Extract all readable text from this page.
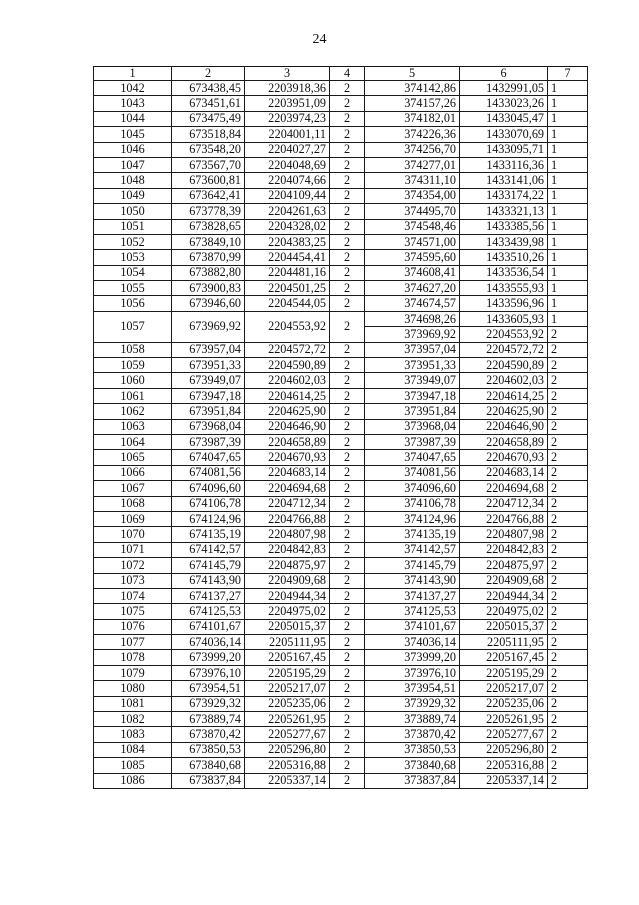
24
1	2	3	4	5	6	7
1042	673438,45	2203918,36	2	374142,86	1432991,05	1
1043	673451,61	2203951,09	2	374157,26	1433023,26	1
1044	673475,49	2203974,23	2	374182,01	1433045,47	1
1045	673518,84	2204001,11	2	374226,36	1433070,69	1
1046	673548,20	2204027,27	2	374256,70	1433095,71	1
1047	673567,70	2204048,69	2	374277,01	1433116,36	1
1048	673600,81	2204074,66	2	374311,10	1433141,06	1
1049	673642,41	2204109,44	2	374354,00	1433174,22	1
1050	673778,39	2204261,63	2	374495,70	1433321,13	1
1051	673828,65	2204328,02	2	374548,46	1433385,56	1
1052	673849,10	2204383,25	2	374571,00	1433439,98	1
1053	673870,99	2204454,41	2	374595,60	1433510,26	1
1054	673882,80	2204481,16	2	374608,41	1433536,54	1
1055	673900,83	2204501,25	2	374627,20	1433555,93	1
1056	673946,60	2204544,05	2	374674,57	1433596,96	1
1057	673969,92	2204553,92	2	374698,26	1433605,93	1
				373969,92	2204553,92	2
1058	673957,04	2204572,72	2	373957,04	2204572,72	2
1059	673951,33	2204590,89	2	373951,33	2204590,89	2
1060	673949,07	2204602,03	2	373949,07	2204602,03	2
1061	673947,18	2204614,25	2	373947,18	2204614,25	2
1062	673951,84	2204625,90	2	373951,84	2204625,90	2
1063	673968,04	2204646,90	2	373968,04	2204646,90	2
1064	673987,39	2204658,89	2	373987,39	2204658,89	2
1065	674047,65	2204670,93	2	374047,65	2204670,93	2
1066	674081,56	2204683,14	2	374081,56	2204683,14	2
1067	674096,60	2204694,68	2	374096,60	2204694,68	2
1068	674106,78	2204712,34	2	374106,78	2204712,34	2
1069	674124,96	2204766,88	2	374124,96	2204766,88	2
1070	674135,19	2204807,98	2	374135,19	2204807,98	2
1071	674142,57	2204842,83	2	374142,57	2204842,83	2
1072	674145,79	2204875,97	2	374145,79	2204875,97	2
1073	674143,90	2204909,68	2	374143,90	2204909,68	2
1074	674137,27	2204944,34	2	374137,27	2204944,34	2
1075	674125,53	2204975,02	2	374125,53	2204975,02	2
1076	674101,67	2205015,37	2	374101,67	2205015,37	2
1077	674036,14	2205111,95	2	374036,14	2205111,95	2
1078	673999,20	2205167,45	2	373999,20	2205167,45	2
1079	673976,10	2205195,29	2	373976,10	2205195,29	2
1080	673954,51	2205217,07	2	373954,51	2205217,07	2
1081	673929,32	2205235,06	2	373929,32	2205235,06	2
1082	673889,74	2205261,95	2	373889,74	2205261,95	2
1083	673870,42	2205277,67	2	373870,42	2205277,67	2
1084	673850,53	2205296,80	2	373850,53	2205296,80	2
1085	673840,68	2205316,88	2	373840,68	2205316,88	2
1086	673837,84	2205337,14	2	373837,84	2205337,14	2
